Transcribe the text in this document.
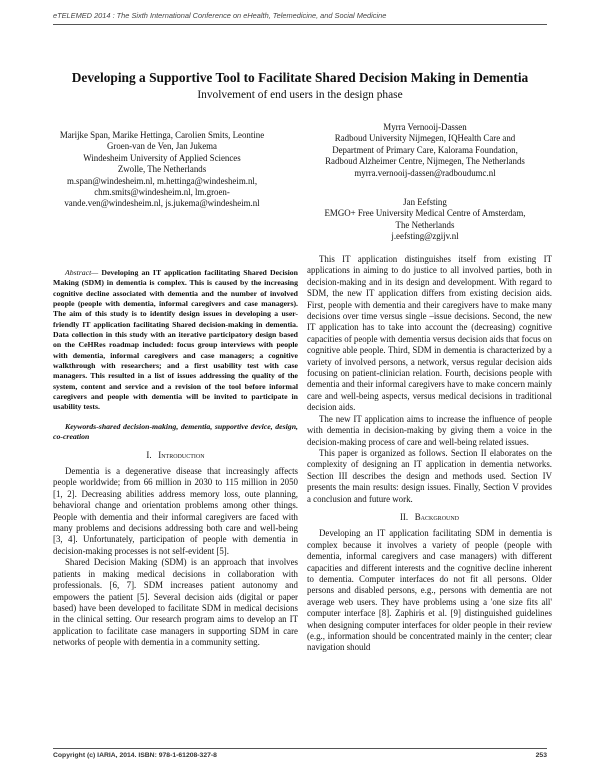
eTELEMED 2014 : The Sixth International Conference on eHealth, Telemedicine, and Social Medicine
Developing a Supportive Tool to Facilitate Shared Decision Making in Dementia
Involvement of end users in the design phase
Marijke Span, Marike Hettinga, Carolien Smits, Leontine
Groen-van de Ven, Jan Jukema
Windesheim University of Applied Sciences
Zwolle, The Netherlands
m.span@windesheim.nl, m.hettinga@windesheim.nl,
chm.smits@windesheim.nl, lm.groen-
vande.ven@windesheim.nl, js.jukema@windesheim.nl
Myrra Vernooij-Dassen
Radboud University Nijmegen, IQHealth Care and
Department of Primary Care, Kalorama Foundation,
Radboud Alzheimer Centre, Nijmegen, The Netherlands
myrra.vernooij-dassen@radboudumc.nl
Jan Eefsting
EMGO+ Free University Medical Centre of Amsterdam,
The Netherlands
j.eefsting@zgijv.nl

Abstract— Developing an IT application facilitating Shared Decision Making (SDM) in dementia is complex. This is caused by the increasing cognitive decline associated with dementia and the number of involved people (people with dementia, informal caregivers and case managers). The aim of this study is to identify design issues in developing a user-friendly IT application facilitating Shared decision-making in dementia. Data collection in this study with an iterative participatory design based on the CeHRes roadmap included: focus group interviews with people with dementia, informal caregivers and case managers; a cognitive walkthrough with researchers; and a first usability test with case managers. This resulted in a list of issues addressing the quality of the system, content and service and a revision of the tool before informal caregivers and people with dementia will be invited to participate in usability tests.

Keywords-shared decision-making, dementia, supportive device, design, co-creation

I. Introduction

Dementia is a degenerative disease that increasingly affects people worldwide; from 66 million in 2030 to 115 million in 2050 [1, 2]. Decreasing abilities address memory loss, oute planning, behavioral change and orientation problems among other things. People with dementia and their informal caregivers are faced with many problems and decisions addressing both care and well-being [3, 4]. Unfortunately, participation of people with dementia in decision-making processes is not self-evident [5].

Shared Decision Making (SDM) is an approach that involves patients in making medical decisions in collaboration with professionals. [6, 7]. SDM increases patient autonomy and empowers the patient [5]. Several decision aids (digital or paper based) have been developed to facilitate SDM in medical decisions in the clinical setting. Our research program aims to develop an IT application to facilitate case managers in supporting SDM in care networks of people with dementia in a community setting.

This IT application distinguishes itself from existing IT applications in aiming to do justice to all involved parties, both in decision-making and in its design and development. With regard to SDM, the new IT application differs from existing decision aids. First, people with dementia and their caregivers have to make many decisions over time versus single –issue decisions. Second, the new IT application has to take into account the (decreasing) cognitive capacities of people with dementia versus decision aids that focus on cognitive able people. Third, SDM in dementia is characterized by a variety of involved persons, a network, versus regular decision aids focusing on patient-clinician relation. Fourth, decisions people with dementia and their informal caregivers have to make concern mainly care and well-being aspects, versus medical decisions in traditional decision aids.

The new IT application aims to increase the influence of people with dementia in decision-making by giving them a voice in the decision-making process of care and well-being related issues.

This paper is organized as follows. Section II elaborates on the complexity of designing an IT application in dementia networks. Section III describes the design and methods used. Section IV presents the main results: design issues. Finally, Section V provides a conclusion and future work.

II. Background

Developing an IT application facilitating SDM in dementia is complex because it involves a variety of people (people with dementia, informal caregivers and case managers) with different capacities and different interests and the cognitive decline inherent to dementia. Computer interfaces do not fit all persons. Older persons and disabled persons, e.g., persons with dementia are not average web users. They have problems using a 'one size fits all' computer interface [8]. Zaphiris et al. [9] distinguished guidelines when designing computer interfaces for older people in their review (e.g., information should be concentrated mainly in the center; clear navigation should

Copyright (c) IARIA, 2014. ISBN: 978-1-61208-327-8	253
